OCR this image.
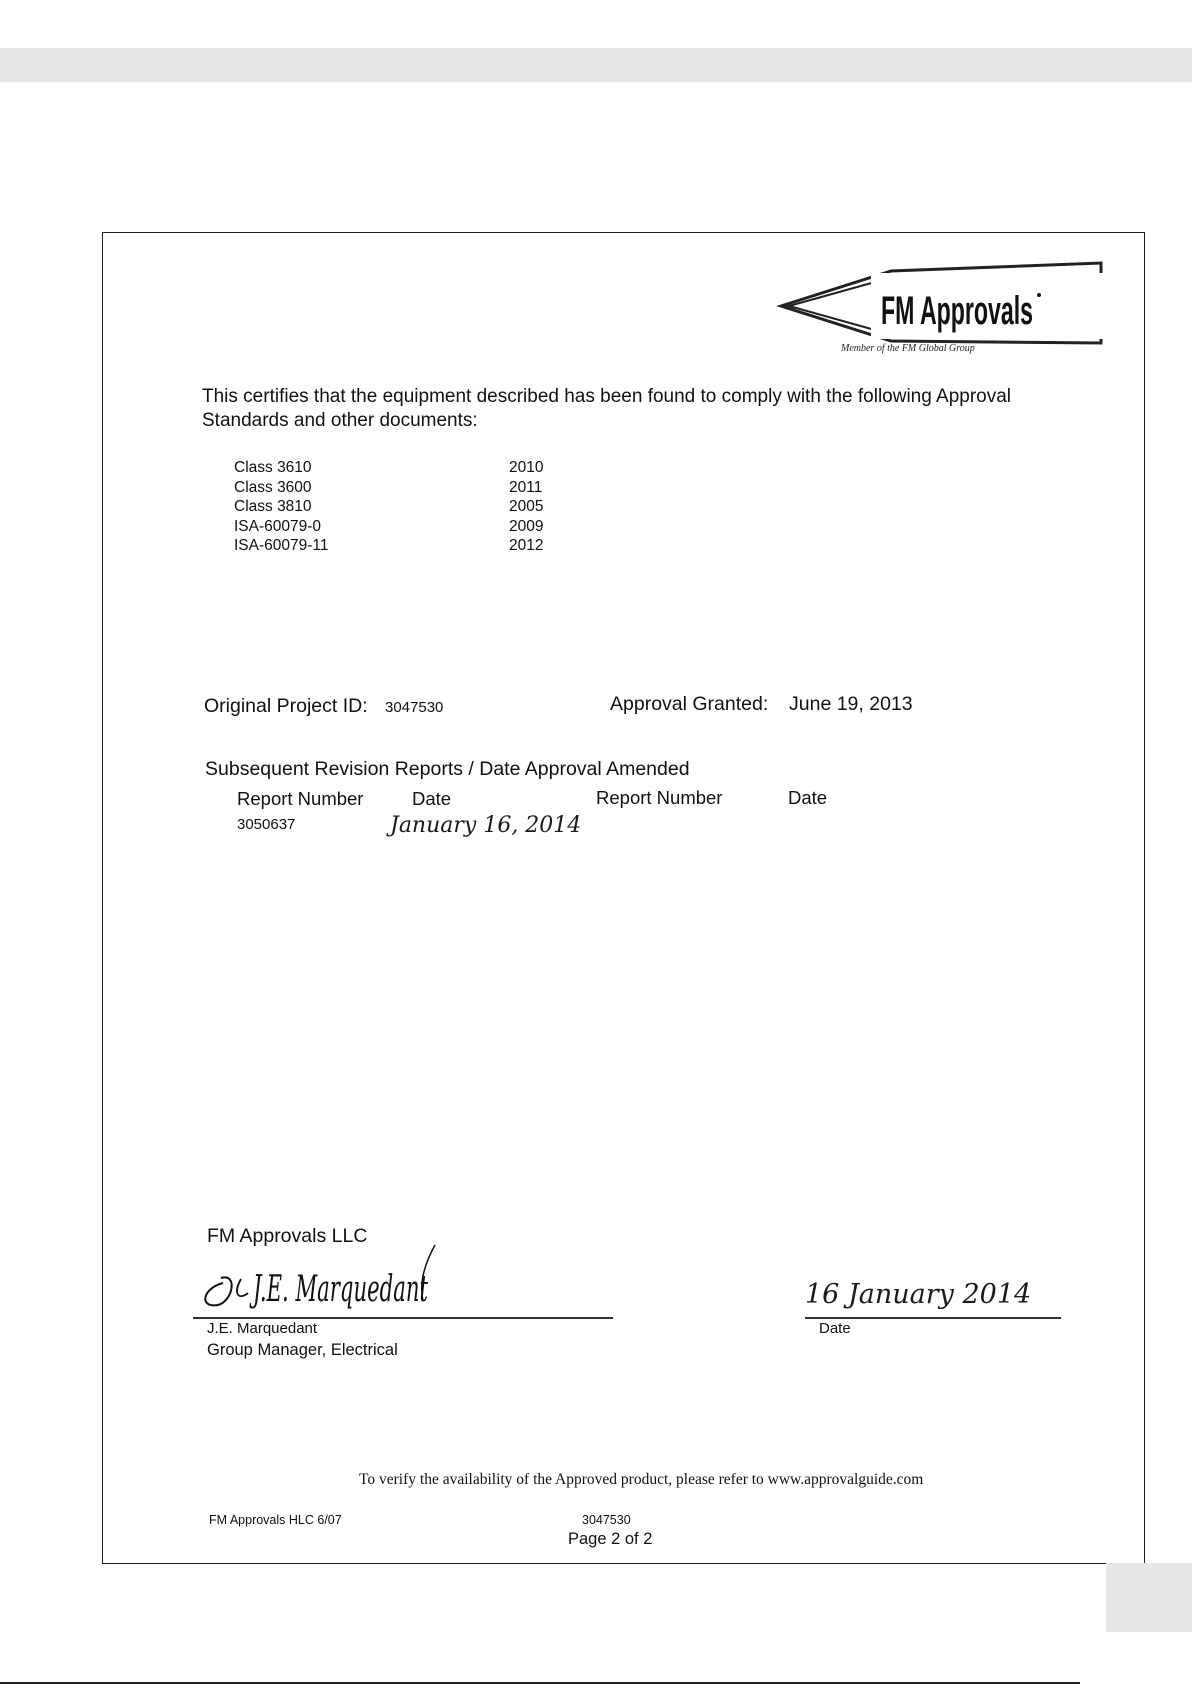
FM Approvals
Member of the FM Global Group
This certifies that the equipment described has been found to comply with the following Approval Standards and other documents:
Class 3610	2010
Class 3600	2011
Class 3810	2005
ISA-60079-0	2009
ISA-60079-11	2012
Original Project ID: 3047530	Approval Granted: June 19, 2013
Subsequent Revision Reports / Date Approval Amended
Report Number	Date	Report Number	Date
3050637	January 16, 2014
FM Approvals LLC
J.E. Marquedant
J.E. Marquedant
Group Manager, Electrical
16 January 2014
Date
To verify the availability of the Approved product, please refer to www.approvalguide.com
FM Approvals HLC 6/07	3047530
Page 2 of 2
